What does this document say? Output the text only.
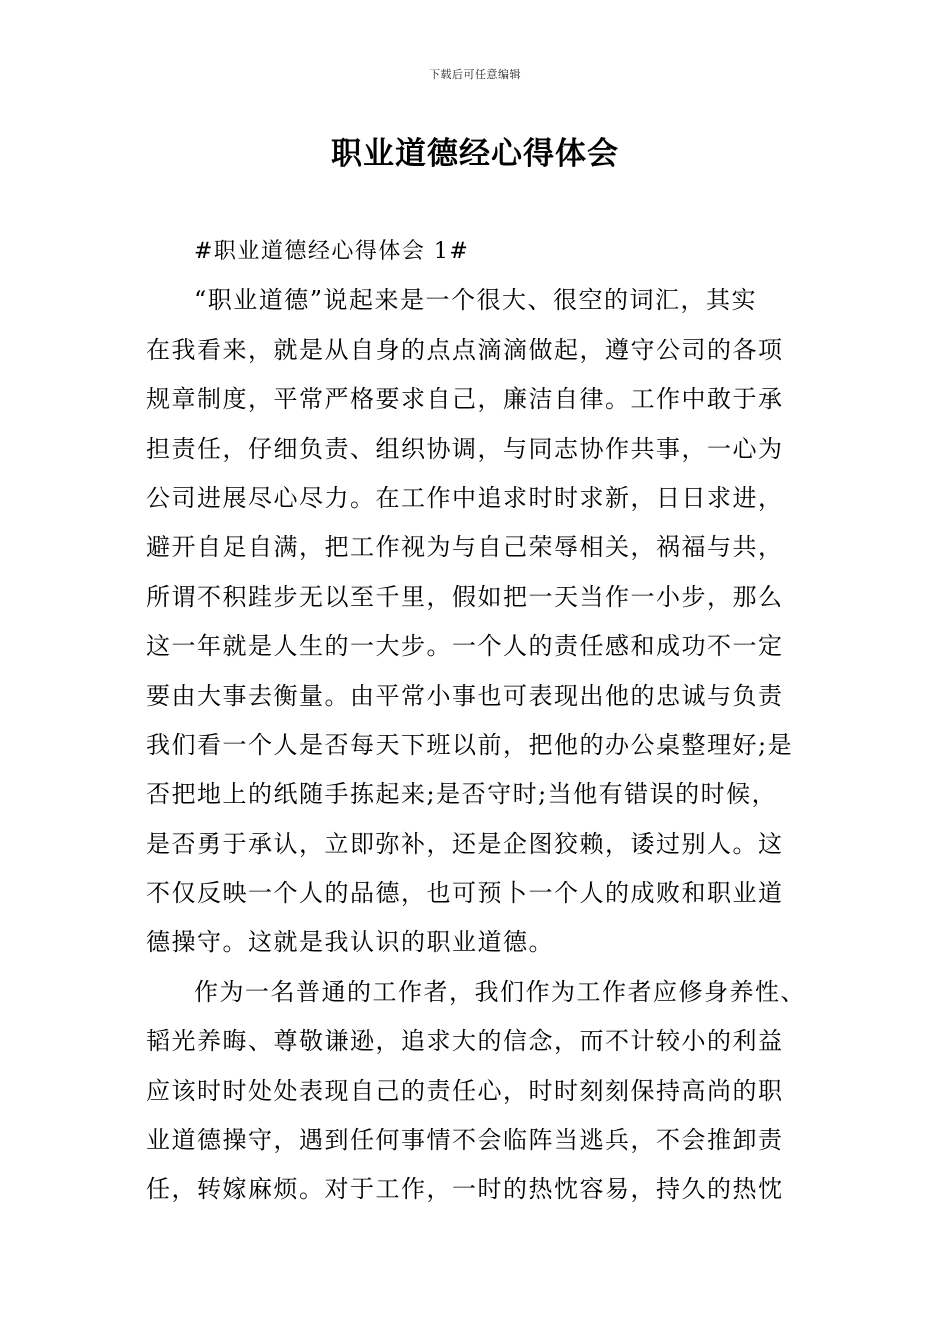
下载后可任意编辑
职业道德经心得体会
#职业道德经心得体会 1#
“职业道德”说起来是一个很大、很空的词汇，其实
在我看来，就是从自身的点点滴滴做起，遵守公司的各项
规章制度，平常严格要求自己，廉洁自律。工作中敢于承
担责任，仔细负责、组织协调，与同志协作共事，一心为
公司进展尽心尽力。在工作中追求时时求新，日日求进，
避开自足自满，把工作视为与自己荣辱相关，祸福与共，
所谓不积跬步无以至千里，假如把一天当作一小步，那么
这一年就是人生的一大步。一个人的责任感和成功不一定
要由大事去衡量。由平常小事也可表现出他的忠诚与负责
我们看一个人是否每天下班以前，把他的办公桌整理好;是
否把地上的纸随手拣起来;是否守时;当他有错误的时候，
是否勇于承认，立即弥补，还是企图狡赖，诿过别人。这
不仅反映一个人的品德，也可预卜一个人的成败和职业道
德操守。这就是我认识的职业道德。
作为一名普通的工作者，我们作为工作者应修身养性、
韬光养晦、尊敬谦逊，追求大的信念，而不计较小的利益
应该时时处处表现自己的责任心，时时刻刻保持高尚的职
业道德操守，遇到任何事情不会临阵当逃兵，不会推卸责
任，转嫁麻烦。对于工作，一时的热忱容易，持久的热忱
